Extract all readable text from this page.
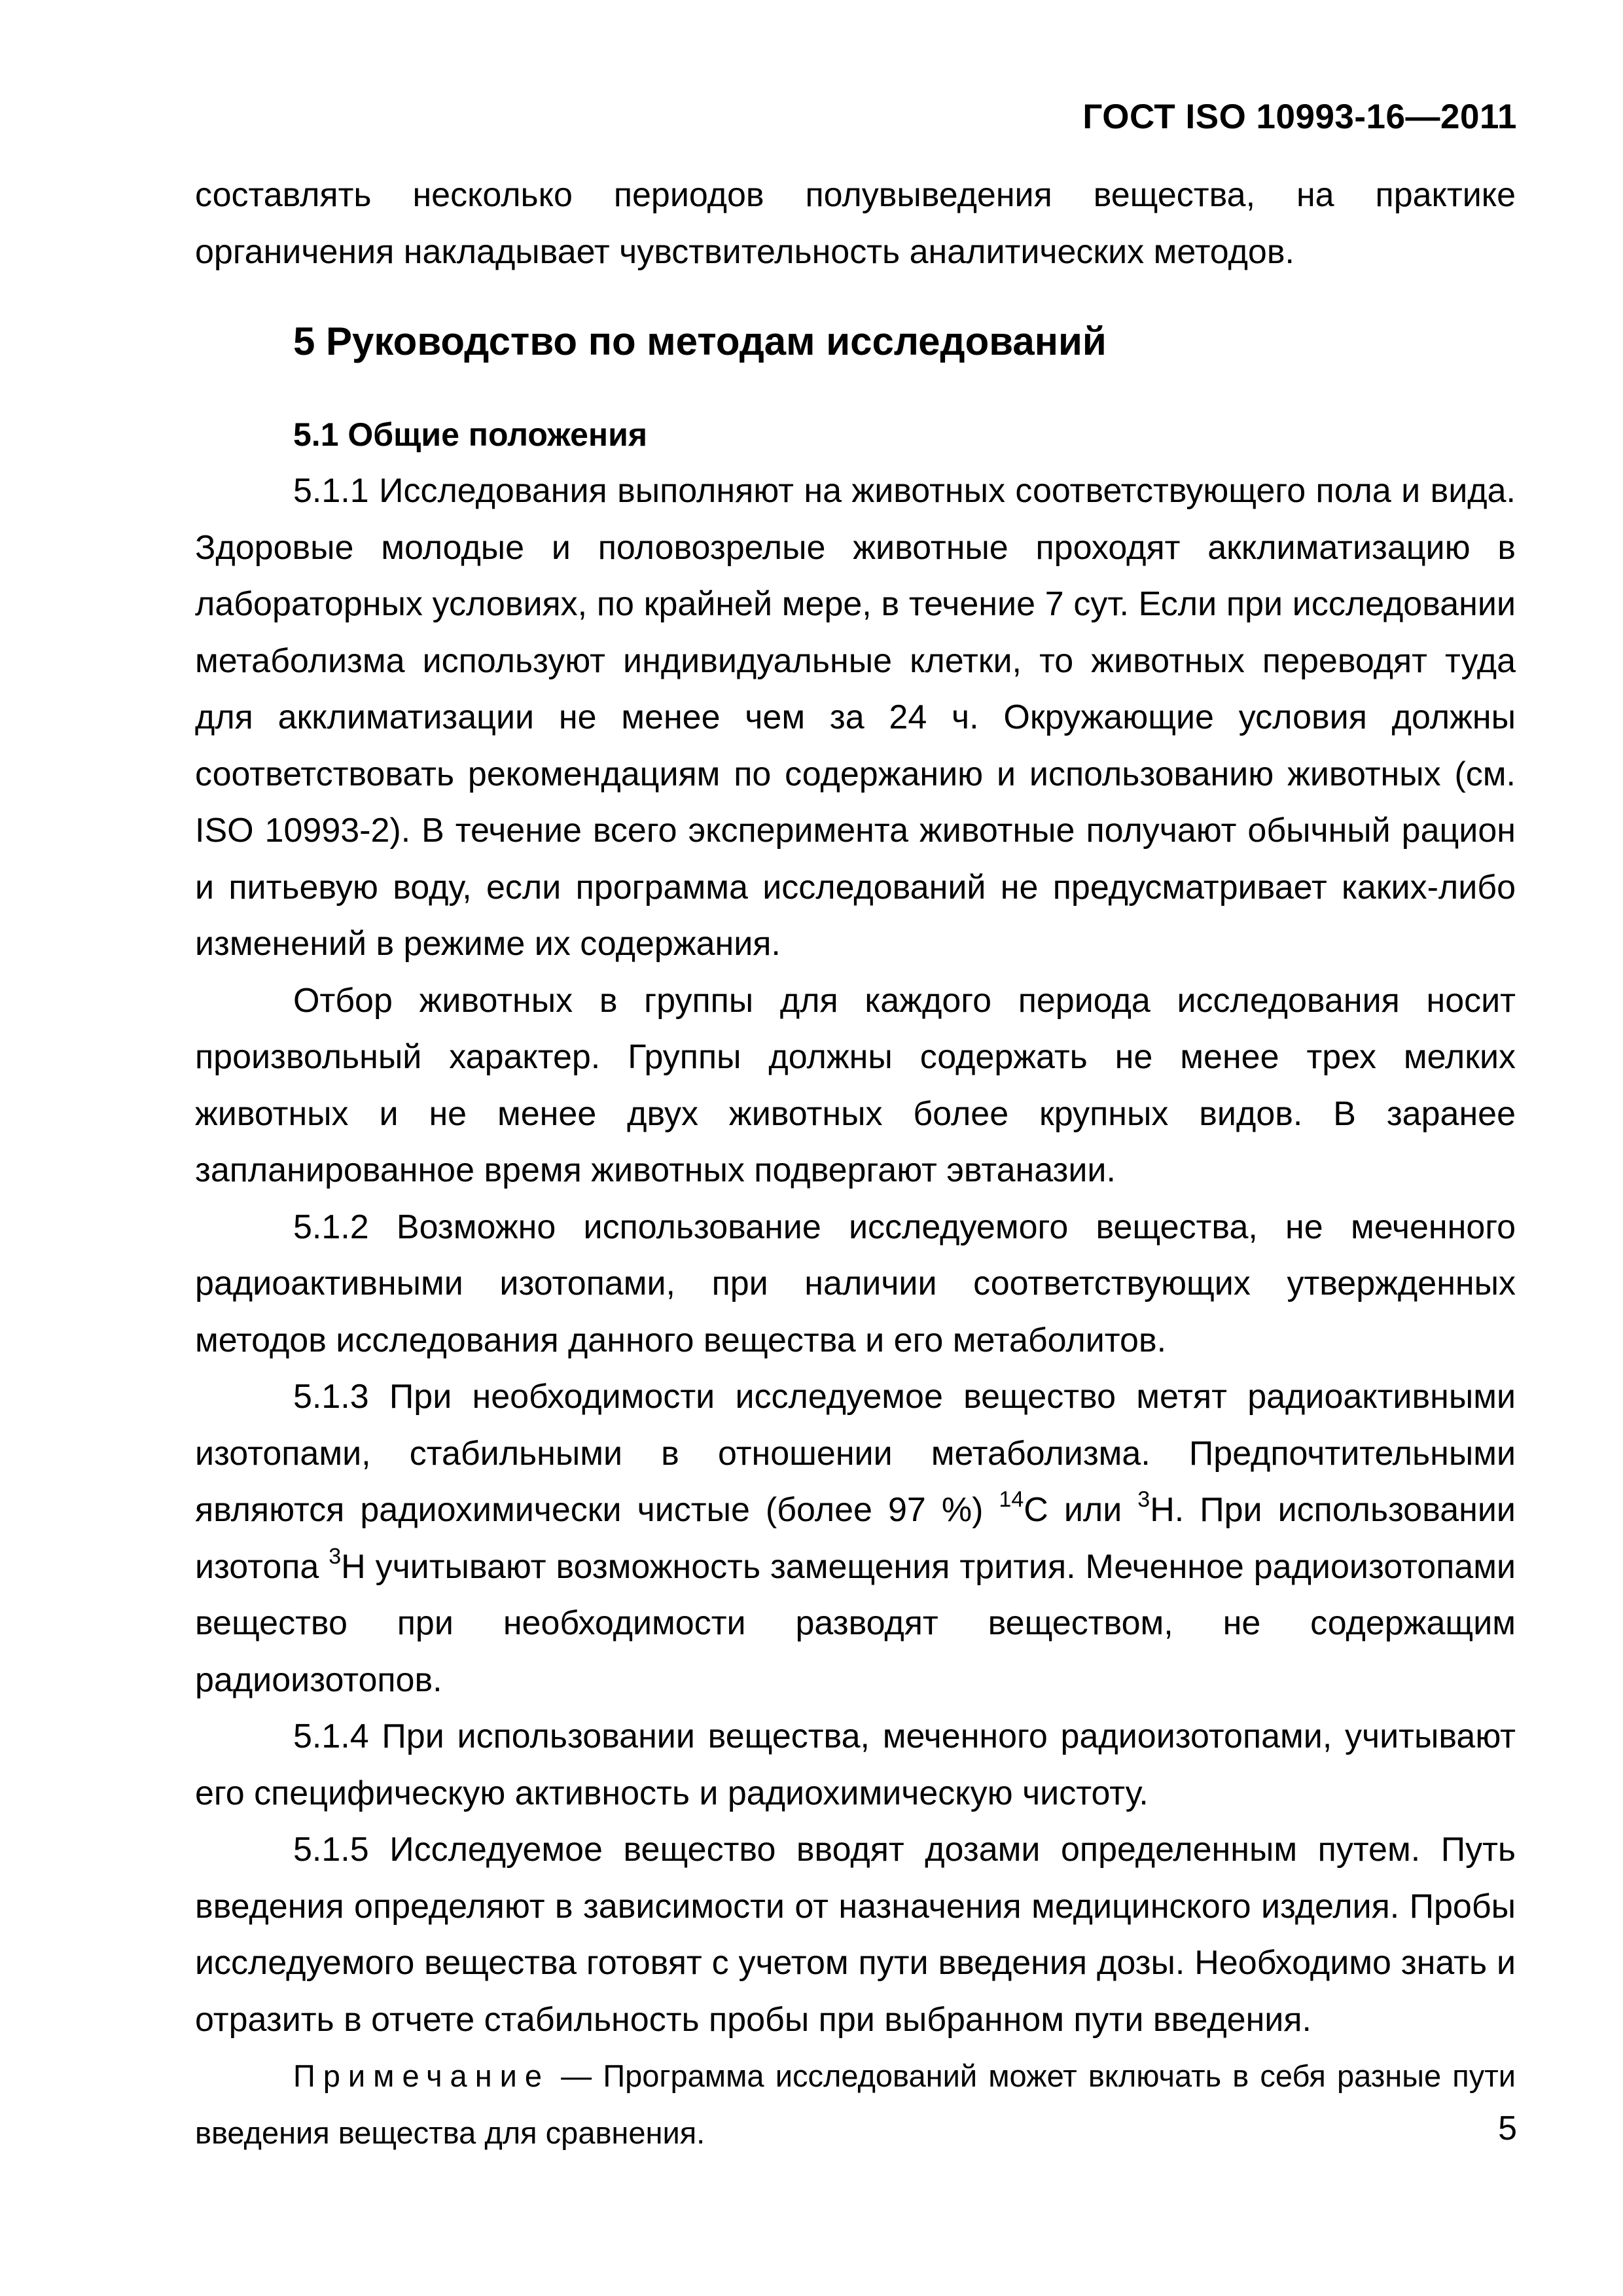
ГОСТ ISO 10993-16—2011

составлять несколько периодов полувыведения вещества, на практике органичения накладывает чувствительность аналитических методов.

5 Руководство по методам исследований
5.1 Общие положения

5.1.1 Исследования выполняют на животных соответствующего пола и вида. Здоровые молодые и половозрелые животные проходят акклиматизацию в лабораторных условиях, по крайней мере, в течение 7 сут. Если при исследовании метаболизма используют индивидуальные клетки, то животных переводят туда для акклиматизации не менее чем за 24 ч. Окружающие условия должны соответствовать рекомендациям по содержанию и использованию животных (см. ISO 10993-2). В течение всего эксперимента животные получают обычный рацион и питьевую воду, если программа исследований не предусматривает каких-либо изменений в режиме их содержания.

Отбор животных в группы для каждого периода исследования носит произвольный характер. Группы должны содержать не менее трех мелких животных и не менее двух животных более крупных видов. В заранее запланированное время животных подвергают эвтаназии.

5.1.2 Возможно использование исследуемого вещества, не меченного радиоактивными изотопами, при наличии соответствующих утвержденных методов исследования данного вещества и его метаболитов.

5.1.3 При необходимости исследуемое вещество метят радиоактивными изотопами, стабильными в отношении метаболизма. Предпочтительными являются радиохимически чистые (более 97 %) $^{14}$C или $^3$H. При использовании изотопа $^3$H учитывают возможность замещения трития. Меченное радиоизотопами вещество при необходимости разводят веществом, не содержащим радиоизотопов.

5.1.4 При использовании вещества, меченного радиоизотопами, учитывают его специфическую активность и радиохимическую чистоту.

5.1.5 Исследуемое вещество вводят дозами определенным путем. Путь введения определяют в зависимости от назначения медицинского изделия. Пробы исследуемого вещества готовят с учетом пути введения дозы. Необходимо знать и отразить в отчете стабильность пробы при выбранном пути введения.

Примечание — Программа исследований может включать в себя разные пути введения вещества для сравнения.	5
